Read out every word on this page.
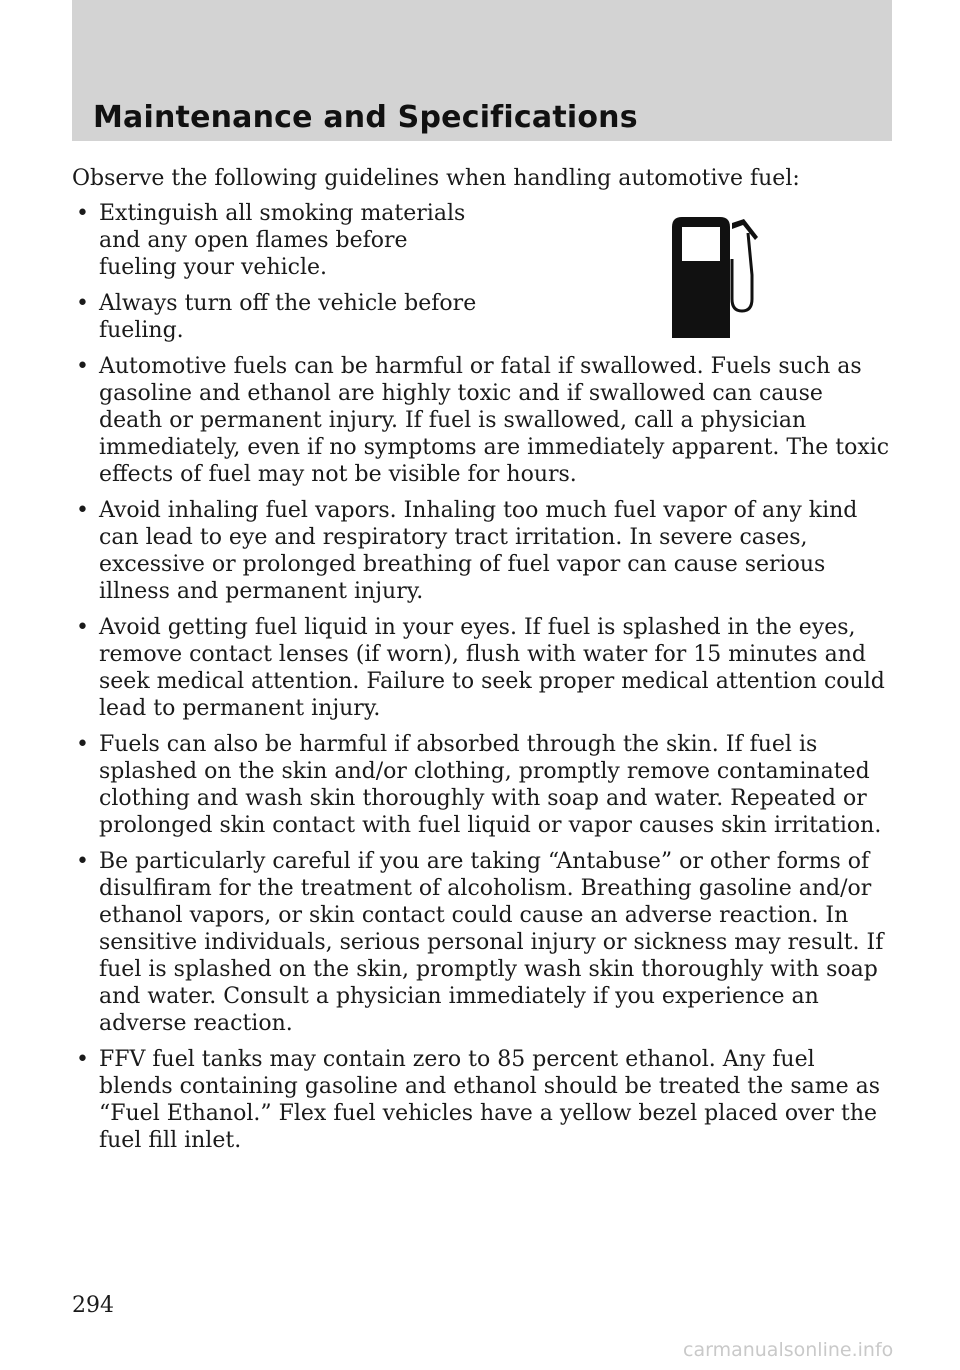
Maintenance and Specifications

Observe the following guidelines when handling automotive fuel:

• Extinguish all smoking materials and any open flames before fueling your vehicle.
• Always turn off the vehicle before fueling.
• Automotive fuels can be harmful or fatal if swallowed. Fuels such as gasoline and ethanol are highly toxic and if swallowed can cause death or permanent injury. If fuel is swallowed, call a physician immediately, even if no symptoms are immediately apparent. The toxic effects of fuel may not be visible for hours.
• Avoid inhaling fuel vapors. Inhaling too much fuel vapor of any kind can lead to eye and respiratory tract irritation. In severe cases, excessive or prolonged breathing of fuel vapor can cause serious illness and permanent injury.
• Avoid getting fuel liquid in your eyes. If fuel is splashed in the eyes, remove contact lenses (if worn), flush with water for 15 minutes and seek medical attention. Failure to seek proper medical attention could lead to permanent injury.
• Fuels can also be harmful if absorbed through the skin. If fuel is splashed on the skin and/or clothing, promptly remove contaminated clothing and wash skin thoroughly with soap and water. Repeated or prolonged skin contact with fuel liquid or vapor causes skin irritation.
• Be particularly careful if you are taking “Antabuse” or other forms of disulfiram for the treatment of alcoholism. Breathing gasoline and/or ethanol vapors, or skin contact could cause an adverse reaction. In sensitive individuals, serious personal injury or sickness may result. If fuel is splashed on the skin, promptly wash skin thoroughly with soap and water. Consult a physician immediately if you experience an adverse reaction.
• FFV fuel tanks may contain zero to 85 percent ethanol. Any fuel blends containing gasoline and ethanol should be treated the same as “Fuel Ethanol.” Flex fuel vehicles have a yellow bezel placed over the fuel fill inlet.

294

carmanualsonline.info
